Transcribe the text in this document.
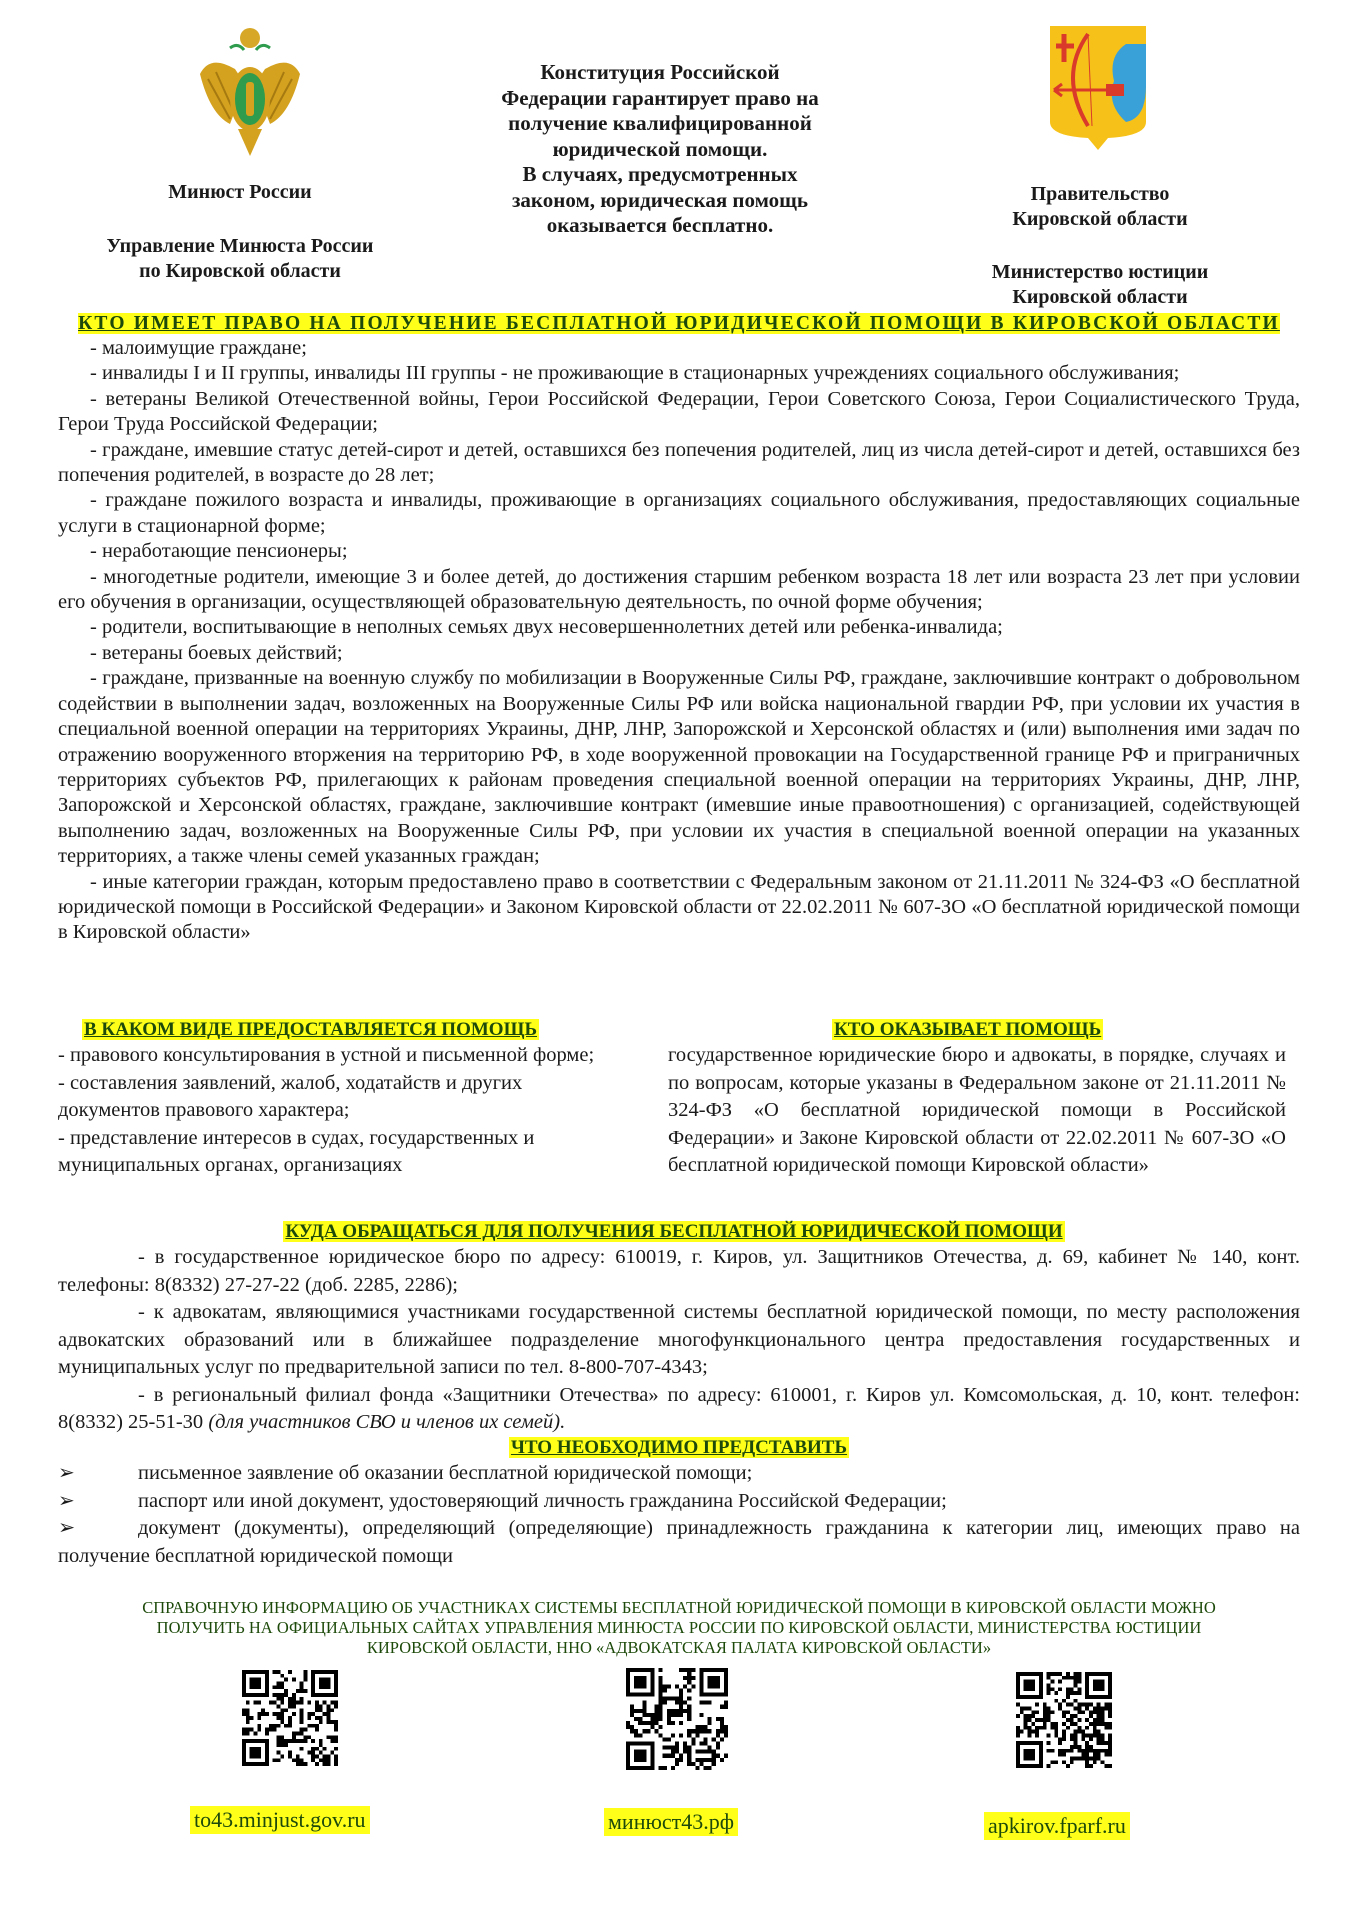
Минюст России
Управление Минюста России
по Кировской области
Конституция Российской
Федерации гарантирует право на
получение квалифицированной
юридической помощи.
В случаях, предусмотренных
законом, юридическая помощь
оказывается бесплатно.
Правительство
Кировской области
Министерство юстиции
Кировской области
КТО ИМЕЕТ ПРАВО НА ПОЛУЧЕНИЕ БЕСПЛАТНОЙ ЮРИДИЧЕСКОЙ ПОМОЩИ В КИРОВСКОЙ ОБЛАСТИ

- малоимущие граждане;

- инвалиды I и II группы, инвалиды III группы - не проживающие в стационарных учреждениях социального обслуживания;

- ветераны Великой Отечественной войны, Герои Российской Федерации, Герои Советского Союза, Герои Социалистического Труда, Герои Труда Российской Федерации;

- граждане, имевшие статус детей-сирот и детей, оставшихся без попечения родителей, лиц из числа детей-сирот и детей, оставшихся без попечения родителей, в возрасте до 28 лет;

- граждане пожилого возраста и инвалиды, проживающие в организациях социального обслуживания, предоставляющих социальные услуги в стационарной форме;

- неработающие пенсионеры;

- многодетные родители, имеющие 3 и более детей, до достижения старшим ребенком возраста 18 лет или возраста 23 лет при условии его обучения в организации, осуществляющей образовательную деятельность, по очной форме обучения;

- родители, воспитывающие в неполных семьях двух несовершеннолетних детей или ребенка-инвалида;

- ветераны боевых действий;

- граждане, призванные на военную службу по мобилизации в Вооруженные Силы РФ, граждане, заключившие контракт о добровольном содействии в выполнении задач, возложенных на Вооруженные Силы РФ или войска национальной гвардии РФ, при условии их участия в специальной военной операции на территориях Украины, ДНР, ЛНР, Запорожской и Херсонской областях и (или) выполнения ими задач по отражению вооруженного вторжения на территорию РФ, в ходе вооруженной провокации на Государственной границе РФ и приграничных территориях субъектов РФ, прилегающих к районам проведения специальной военной операции на территориях Украины, ДНР, ЛНР, Запорожской и Херсонской областях, граждане, заключившие контракт (имевшие иные правоотношения) с организацией, содействующей выполнению задач, возложенных на Вооруженные Силы РФ, при условии их участия в специальной военной операции на указанных территориях, а также члены семей указанных граждан;

- иные категории граждан, которым предоставлено право в соответствии с Федеральным законом от 21.11.2011 № 324-ФЗ «О бесплатной юридической помощи в Российской Федерации» и Законом Кировской области от 22.02.2011 № 607-ЗО «О бесплатной юридической помощи в Кировской области»

В КАКОМ ВИДЕ ПРЕДОСТАВЛЯЕТСЯ ПОМОЩЬ
- правового консультирования в устной и письменной форме;
- составления заявлений, жалоб, ходатайств и других документов правового характера;
- представление интересов в судах, государственных и муниципальных органах, организациях
КТО ОКАЗЫВАЕТ ПОМОЩЬ
государственное юридические бюро и адвокаты, в порядке, случаях и по вопросам, которые указаны в Федеральном законе от 21.11.2011 № 324-ФЗ «О бесплатной юридической помощи в Российской Федерации» и Законе Кировской области от 22.02.2011 № 607-ЗО «О бесплатной юридической помощи Кировской области»
КУДА ОБРАЩАТЬСЯ ДЛЯ ПОЛУЧЕНИЯ БЕСПЛАТНОЙ ЮРИДИЧЕСКОЙ ПОМОЩИ

- в государственное юридическое бюро по адресу: 610019, г. Киров, ул. Защитников Отечества, д. 69, кабинет № 140, конт. телефоны: 8(8332) 27-27-22 (доб. 2285, 2286);

- к адвокатам, являющимися участниками государственной системы бесплатной юридической помощи, по месту расположения адвокатских образований или в ближайшее подразделение многофункционального центра предоставления государственных и муниципальных услуг по предварительной записи по тел. 8-800-707-4343;

- в региональный филиал фонда «Защитники Отечества» по адресу: 610001, г. Киров ул. Комсомольская, д. 10, конт. телефон: 8(8332) 25-51-30 (для участников СВО и членов их семей).

ЧТО НЕОБХОДИМО ПРЕДСТАВИТЬ
➢	письменное заявление об оказании бесплатной юридической помощи;
➢	паспорт или иной документ, удостоверяющий личность гражданина Российской Федерации;
➢	документ (документы), определяющий (определяющие) принадлежность гражданина к категории лиц, имеющих право на получение бесплатной юридической помощи
СПРАВОЧНУЮ ИНФОРМАЦИЮ ОБ УЧАСТНИКАХ СИСТЕМЫ БЕСПЛАТНОЙ ЮРИДИЧЕСКОЙ ПОМОЩИ В КИРОВСКОЙ ОБЛАСТИ МОЖНО
ПОЛУЧИТЬ НА ОФИЦИАЛЬНЫХ САЙТАХ УПРАВЛЕНИЯ МИНЮСТА РОССИИ ПО КИРОВСКОЙ ОБЛАСТИ, МИНИСТЕРСТВА ЮСТИЦИИ
КИРОВСКОЙ ОБЛАСТИ, ННО «АДВОКАТСКАЯ ПАЛАТА КИРОВСКОЙ ОБЛАСТИ»
to43.minjust.gov.ru	минюст43.рф	apkirov.fparf.ru
